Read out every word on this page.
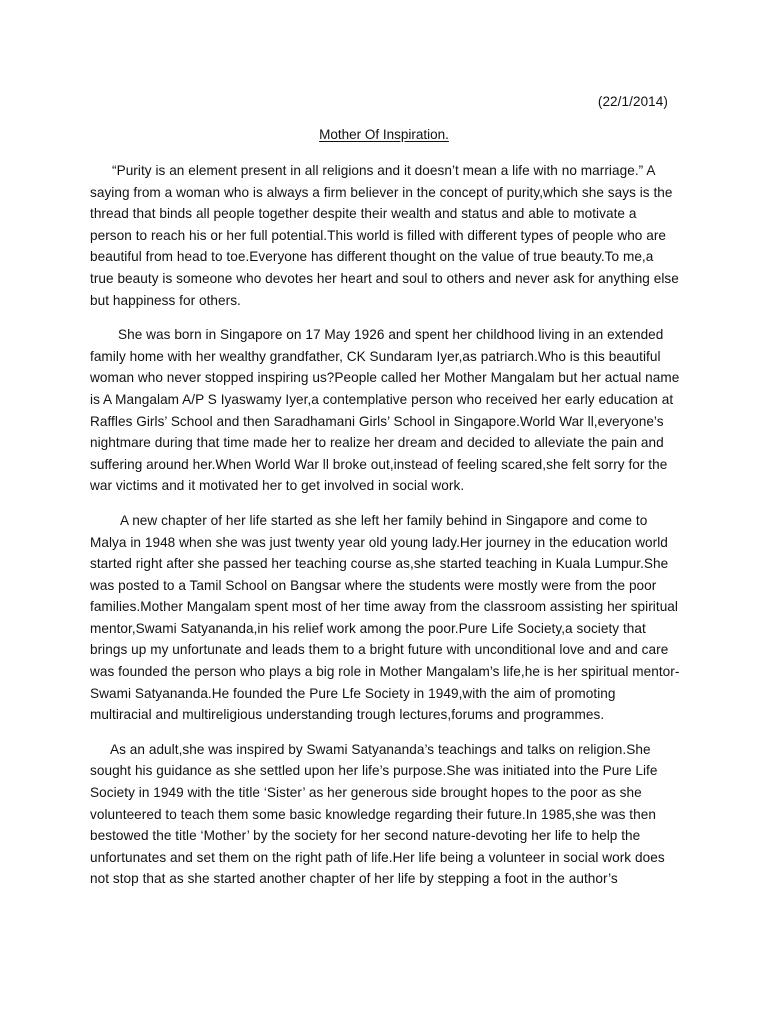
(22/1/2014)
Mother Of Inspiration.

“Purity is an element present in all religions and it doesn’t mean a life with no marriage.” A saying from a woman who is always a firm believer in the concept of purity,which she says is the thread that binds all people together despite their wealth and status and able to motivate a person to reach his or her full potential.This world is filled with different types of people who are beautiful from head to toe.Everyone has different thought on the value of true beauty.To me,a true beauty is someone who devotes her heart and soul to others and never ask for anything else but happiness for others.

She was born in Singapore on 17 May 1926 and spent her childhood living in an extended family home with her wealthy grandfather, CK Sundaram Iyer,as patriarch.Who is this beautiful woman who never stopped inspiring us?People called her Mother Mangalam but her actual name is A Mangalam A/P S Iyaswamy Iyer,a contemplative person who received her early education at Raffles Girls’ School and then Saradhamani Girls’ School in Singapore.World War ll,everyone’s nightmare during that time made her to realize her dream and decided to alleviate the pain and suffering around her.When World War ll broke out,instead of feeling scared,she felt sorry for the war victims and it motivated her to get involved in social work.

A new chapter of her life started as she left her family behind in Singapore and come to Malya in 1948 when she was just twenty year old young lady.Her journey in the education world started right after she passed her teaching course as,she started teaching in Kuala Lumpur.She was posted to a Tamil School on Bangsar where the students were mostly were from the poor families.Mother Mangalam spent most of her time away from the classroom assisting her spiritual mentor,Swami Satyananda,in his relief work among the poor.Pure Life Society,a society that brings up my unfortunate and leads them to a bright future with unconditional love and and care was founded the person who plays a big role in Mother Mangalam’s life,he is her spiritual mentor-Swami Satyananda.He founded the Pure Lfe Society in 1949,with the aim of promoting multiracial and multireligious understanding trough lectures,forums and programmes.

As an adult,she was inspired by Swami Satyananda’s teachings and talks on religion.She sought his guidance as she settled upon her life’s purpose.She was initiated into the Pure Life Society in 1949 with the title ‘Sister’ as her generous side brought hopes to the poor as she volunteered to teach them some basic knowledge regarding their future.In 1985,she was then bestowed the title ‘Mother’ by the society for her second nature-devoting her life to help the unfortunates and set them on the right path of life.Her life being a volunteer in social work does not stop that as she started another chapter of her life by stepping a foot in the author’s
